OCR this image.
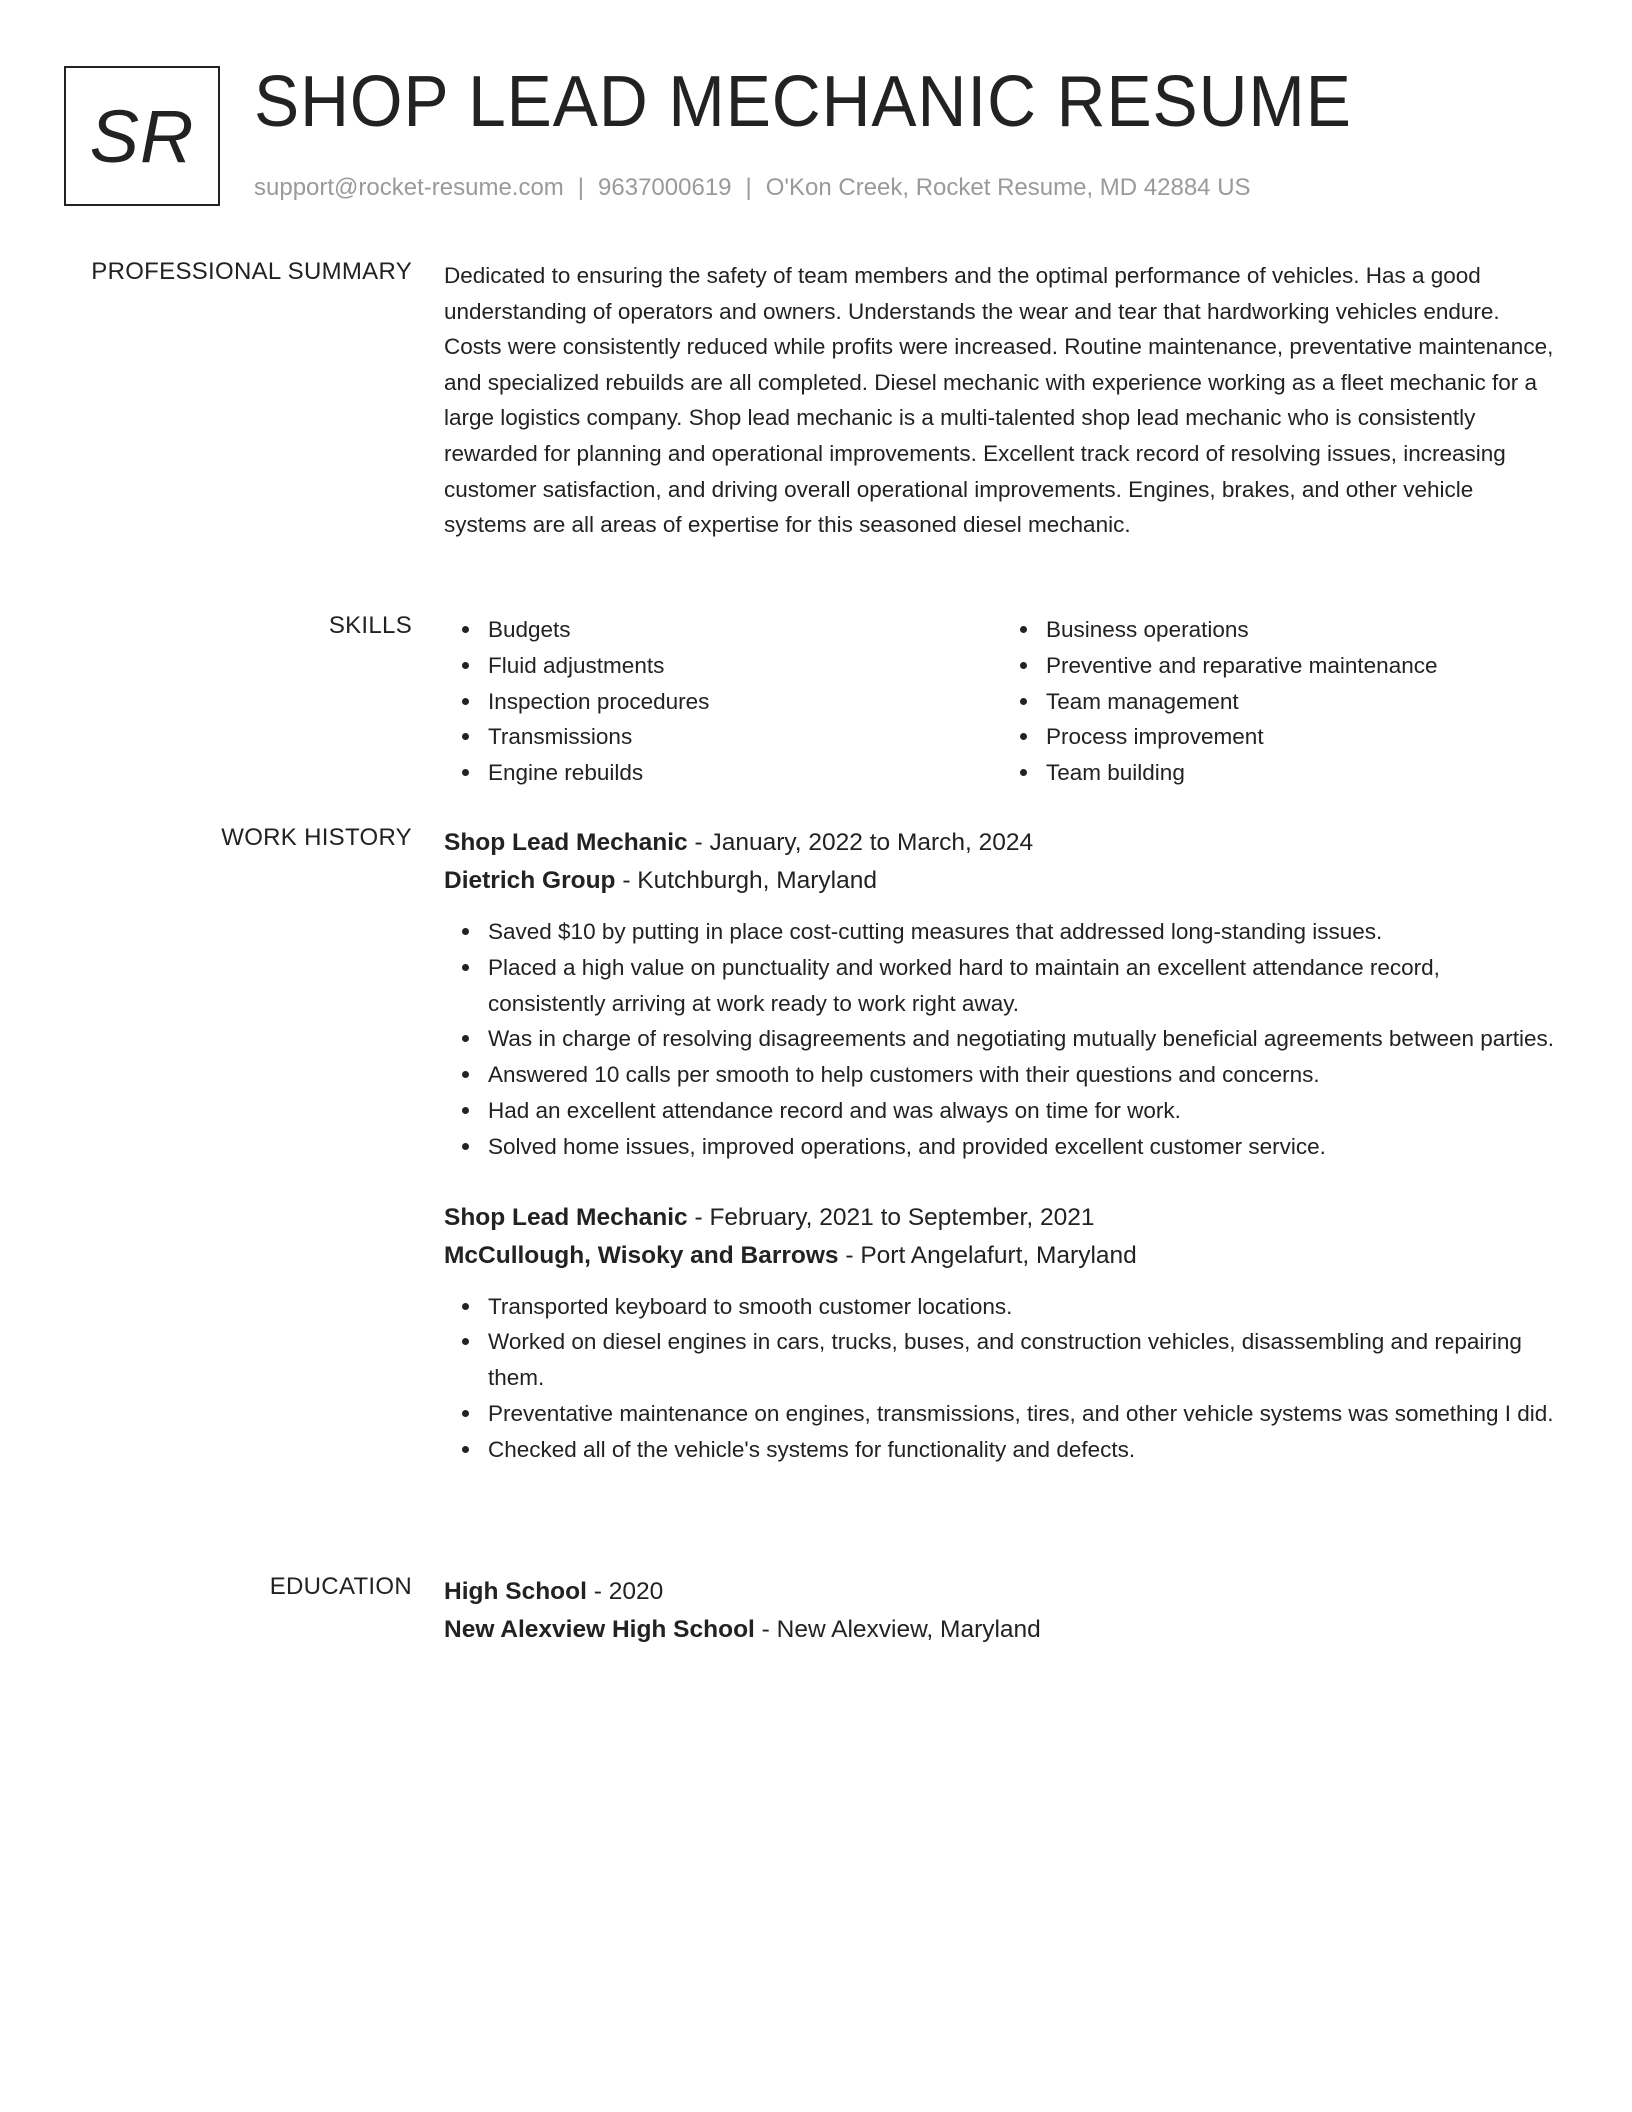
SR SHOP LEAD MECHANIC RESUME
support@rocket-resume.com | 9637000619 | O'Kon Creek, Rocket Resume, MD 42884 US
PROFESSIONAL SUMMARY Dedicated to ensuring the safety of team members and the optimal performance of vehicles. Has a good understanding of operators and owners. Understands the wear and tear that hardworking vehicles endure. Costs were consistently reduced while profits were increased. Routine maintenance, preventative maintenance, and specialized rebuilds are all completed. Diesel mechanic with experience working as a fleet mechanic for a large logistics company. Shop lead mechanic is a multi-talented shop lead mechanic who is consistently rewarded for planning and operational improvements. Excellent track record of resolving issues, increasing customer satisfaction, and driving overall operational improvements. Engines, brakes, and other vehicle systems are all areas of expertise for this seasoned diesel mechanic.

SKILLS	Budgets
Fluid adjustments
Inspection procedures
Transmissions
Engine rebuilds
Business operations
Preventive and reparative maintenance
Team management
Process improvement
Team building
WORK HISTORY Shop Lead Mechanic - January, 2022 to March, 2024
Dietrich Group - Kutchburgh, Maryland
Saved $10 by putting in place cost-cutting measures that addressed long-standing issues.
Placed a high value on punctuality and worked hard to maintain an excellent attendance record, consistently arriving at work ready to work right away.
Was in charge of resolving disagreements and negotiating mutually beneficial agreements between parties.
Answered 10 calls per smooth to help customers with their questions and concerns.
Had an excellent attendance record and was always on time for work.
Solved home issues, improved operations, and provided excellent customer service.
Shop Lead Mechanic - February, 2021 to September, 2021
McCullough, Wisoky and Barrows - Port Angelafurt, Maryland
Transported keyboard to smooth customer locations.
Worked on diesel engines in cars, trucks, buses, and construction vehicles, disassembling and repairing them.
Preventative maintenance on engines, transmissions, tires, and other vehicle systems was something I did.
Checked all of the vehicle's systems for functionality and defects.
EDUCATION High School - 2020
New Alexview High School - New Alexview, Maryland
